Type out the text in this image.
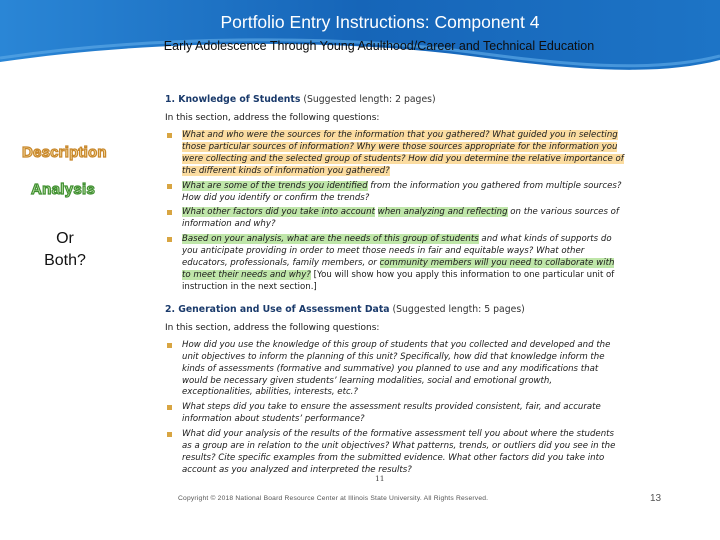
Portfolio Entry Instructions: Component 4
Early Adolescence Through Young Adulthood/Career and Technical Education
Description
Analysis
Or
Both?

1. Knowledge of Students (Suggested length: 2 pages)

In this section, address the following questions:

What and who were the sources for the information that you gathered? What guided you in selecting those particular sources of information? Why were those sources appropriate for the information you were collecting and the selected group of students? How did you determine the relative importance of the different kinds of information you gathered?
What are some of the trends you identified from the information you gathered from multiple sources? How did you identify or confirm the trends?
What other factors did you take into account when analyzing and reflecting on the various sources of information and why?
Based on your analysis, what are the needs of this group of students and what kinds of supports do you anticipate providing in order to meet those needs in fair and equitable ways? What other educators, professionals, family members, or community members will you need to collaborate with to meet their needs and why? [You will show how you apply this information to one particular unit of instruction in the next section.]

2. Generation and Use of Assessment Data (Suggested length: 5 pages)

In this section, address the following questions:

How did you use the knowledge of this group of students that you collected and developed and the unit objectives to inform the planning of this unit? Specifically, how did that knowledge inform the kinds of assessments (formative and summative) you planned to use and any modifications that would be necessary given students’ learning modalities, social and emotional growth, exceptionalities, abilities, interests, etc.?
What steps did you take to ensure the assessment results provided consistent, fair, and accurate information about students’ performance?
What did your analysis of the results of the formative assessment tell you about where the students as a group are in relation to the unit objectives? What patterns, trends, or outliers did you see in the results? Cite specific examples from the submitted evidence. What other factors did you take into account as you analyzed and interpreted the results?
11
Copyright © 2018 National Board Resource Center at Illinois State University. All Rights Reserved.	13
